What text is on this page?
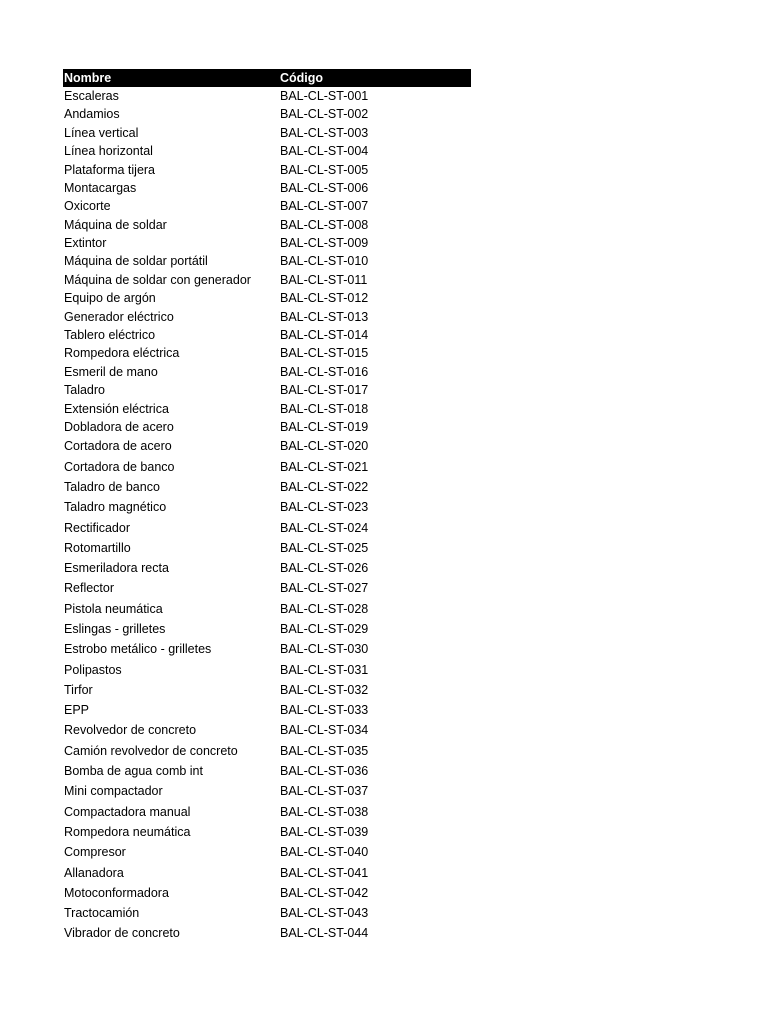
Nombre	Código
Escaleras	BAL-CL-ST-001
Andamios	BAL-CL-ST-002
Línea vertical	BAL-CL-ST-003
Línea horizontal	BAL-CL-ST-004
Plataforma tijera	BAL-CL-ST-005
Montacargas	BAL-CL-ST-006
Oxicorte	BAL-CL-ST-007
Máquina de soldar	BAL-CL-ST-008
Extintor	BAL-CL-ST-009
Máquina de soldar portátil	BAL-CL-ST-010
Máquina de soldar con generador	BAL-CL-ST-011
Equipo de argón	BAL-CL-ST-012
Generador eléctrico	BAL-CL-ST-013
Tablero eléctrico	BAL-CL-ST-014
Rompedora eléctrica	BAL-CL-ST-015
Esmeril de mano	BAL-CL-ST-016
Taladro	BAL-CL-ST-017
Extensión eléctrica	BAL-CL-ST-018
Dobladora de acero	BAL-CL-ST-019
Cortadora de acero	BAL-CL-ST-020
Cortadora de banco	BAL-CL-ST-021
Taladro de banco	BAL-CL-ST-022
Taladro magnético	BAL-CL-ST-023
Rectificador	BAL-CL-ST-024
Rotomartillo	BAL-CL-ST-025
Esmeriladora recta	BAL-CL-ST-026
Reflector	BAL-CL-ST-027
Pistola neumática	BAL-CL-ST-028
Eslingas - grilletes	BAL-CL-ST-029
Estrobo metálico - grilletes	BAL-CL-ST-030
Polipastos	BAL-CL-ST-031
Tirfor	BAL-CL-ST-032
EPP	BAL-CL-ST-033
Revolvedor de concreto	BAL-CL-ST-034
Camión revolvedor de concreto	BAL-CL-ST-035
Bomba de agua comb int	BAL-CL-ST-036
Mini compactador	BAL-CL-ST-037
Compactadora manual	BAL-CL-ST-038
Rompedora neumática	BAL-CL-ST-039
Compresor	BAL-CL-ST-040
Allanadora	BAL-CL-ST-041
Motoconformadora	BAL-CL-ST-042
Tractocamión	BAL-CL-ST-043
Vibrador de concreto	BAL-CL-ST-044
